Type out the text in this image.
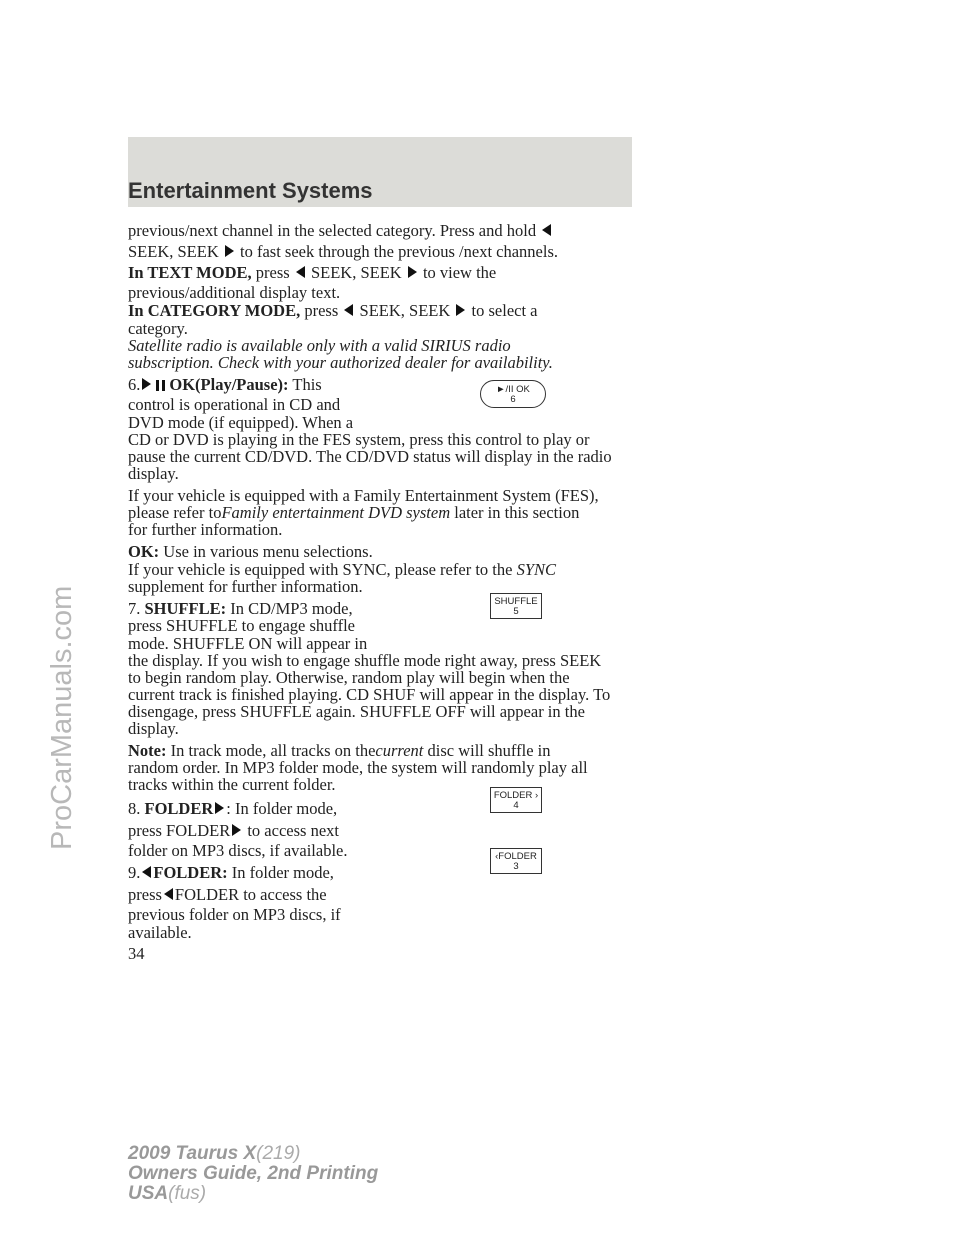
Entertainment Systems
ProCarManuals.com
previous/next channel in the selected category. Press and hold
SEEK, SEEK to fast seek through the previous /next channels.
In TEXT MODE, press SEEK, SEEK to view the
previous/additional display text.
In CATEGORY MODE, press SEEK, SEEK to select a
category.
Satellite radio is available only with a valid SIRIUS radio
subscription. Check with your authorized dealer for availability.
6. OK(Play/Pause): This
control is operational in CD and
DVD mode (if equipped). When a
CD or DVD is playing in the FES system, press this control to play or
pause the current CD/DVD. The CD/DVD status will display in the radio
display.
►/II OK
6
If your vehicle is equipped with a Family Entertainment System (FES),
please refer toFamily entertainment DVD system later in this section
for further information.
OK: Use in various menu selections.
If your vehicle is equipped with SYNC, please refer to the SYNC
supplement for further information.
7. SHUFFLE: In CD/MP3 mode,
press SHUFFLE to engage shuffle
mode. SHUFFLE ON will appear in
the display. If you wish to engage shuffle mode right away, press SEEK
to begin random play. Otherwise, random play will begin when the
current track is finished playing. CD SHUF will appear in the display. To
disengage, press SHUFFLE again. SHUFFLE OFF will appear in the
display.
SHUFFLE
5
Note: In track mode, all tracks on thecurrent disc will shuffle in
random order. In MP3 folder mode, the system will randomly play all
tracks within the current folder.
8. FOLDER : In folder mode,
press FOLDER to access next
folder on MP3 discs, if available.
FOLDER ›
4
9. FOLDER: In folder mode,
press FOLDER to access the
previous folder on MP3 discs, if
‹FOLDER
3
available.
34
2009 Taurus X(219)
Owners Guide, 2nd Printing
USA(fus)
